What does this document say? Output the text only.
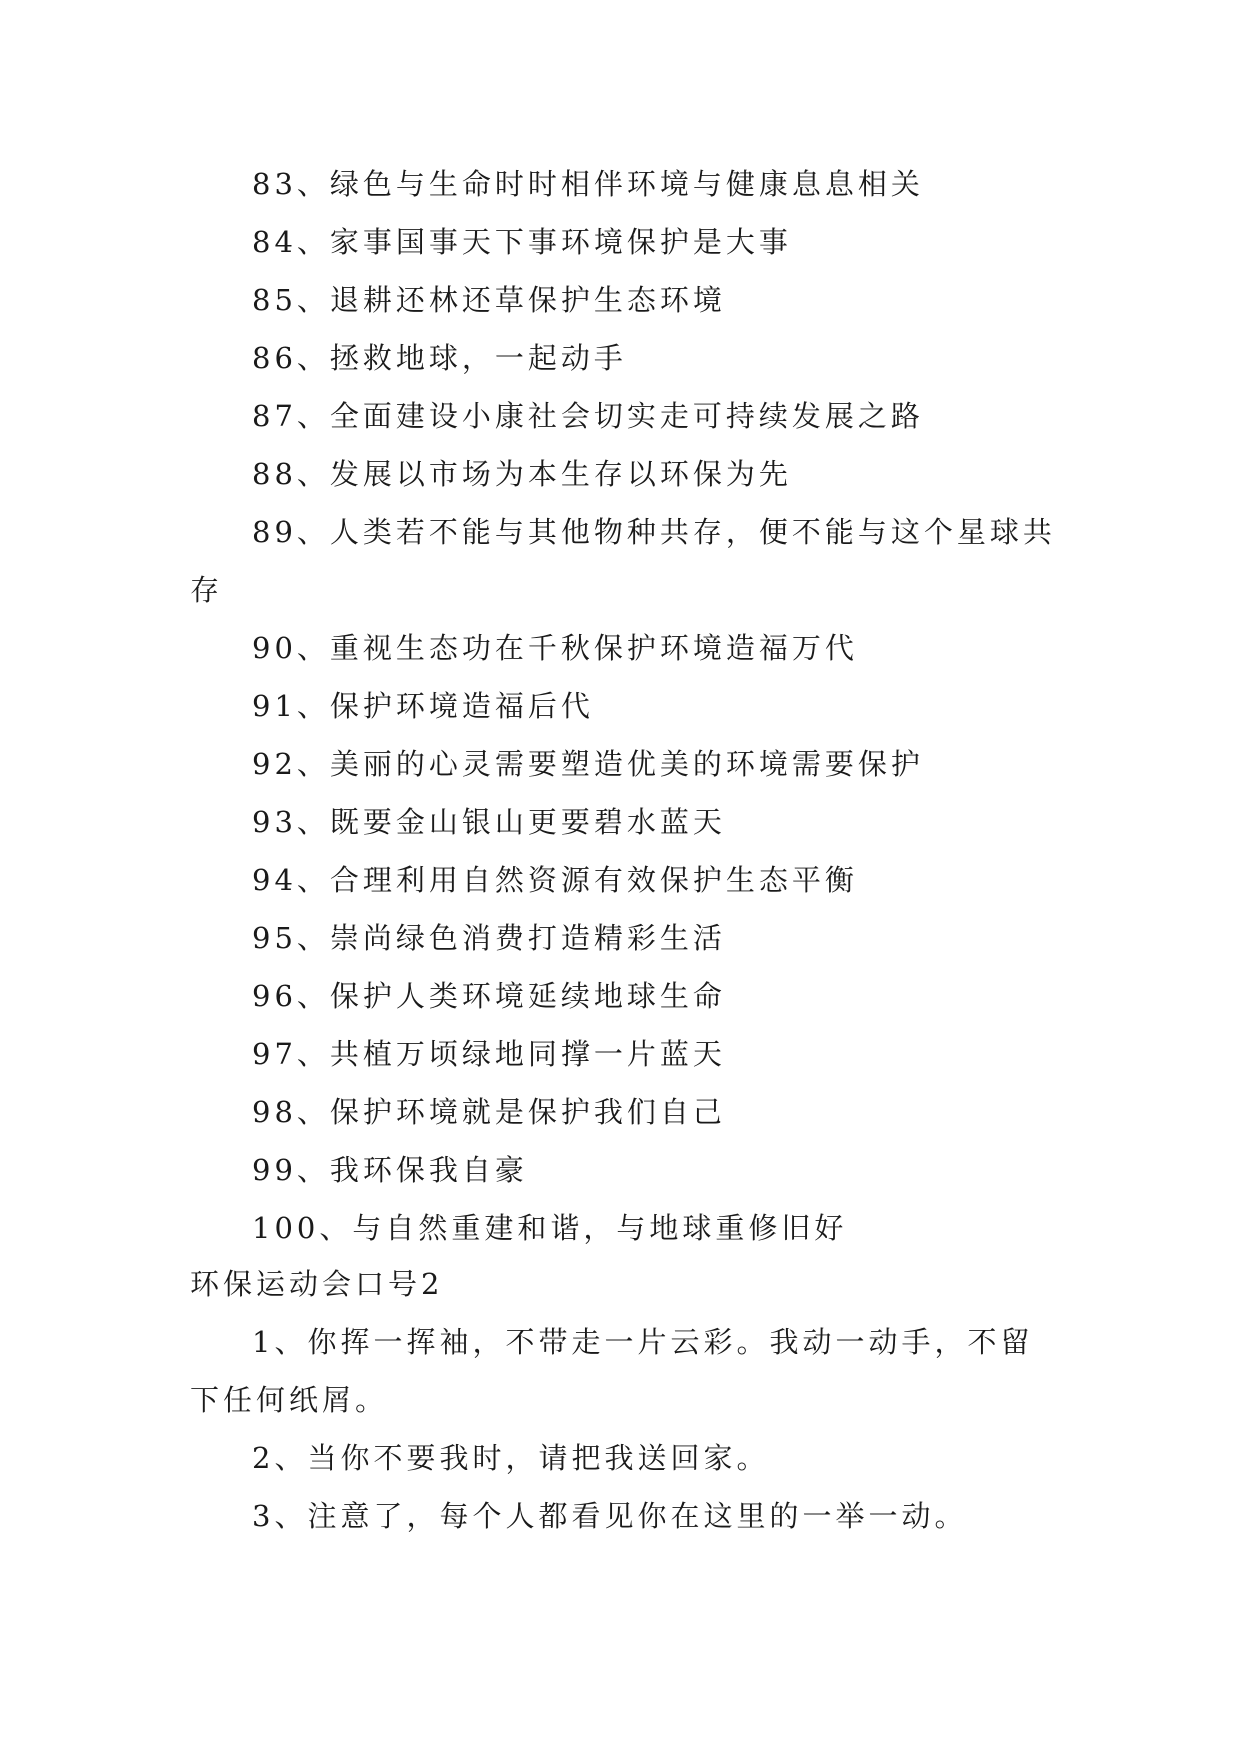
83、绿色与生命时时相伴环境与健康息息相关
84、家事国事天下事环境保护是大事
85、退耕还林还草保护生态环境
86、拯救地球，一起动手
87、全面建设小康社会切实走可持续发展之路
88、发展以市场为本生存以环保为先
89、人类若不能与其他物种共存，便不能与这个星球共
存
90、重视生态功在千秋保护环境造福万代
91、保护环境造福后代
92、美丽的心灵需要塑造优美的环境需要保护
93、既要金山银山更要碧水蓝天
94、合理利用自然资源有效保护生态平衡
95、崇尚绿色消费打造精彩生活
96、保护人类环境延续地球生命
97、共植万顷绿地同撑一片蓝天
98、保护环境就是保护我们自己
99、我环保我自豪
100、与自然重建和谐，与地球重修旧好
环保运动会口号2
1、你挥一挥袖，不带走一片云彩。我动一动手，不留
下任何纸屑。
2、当你不要我时，请把我送回家。
3、注意了，每个人都看见你在这里的一举一动。
